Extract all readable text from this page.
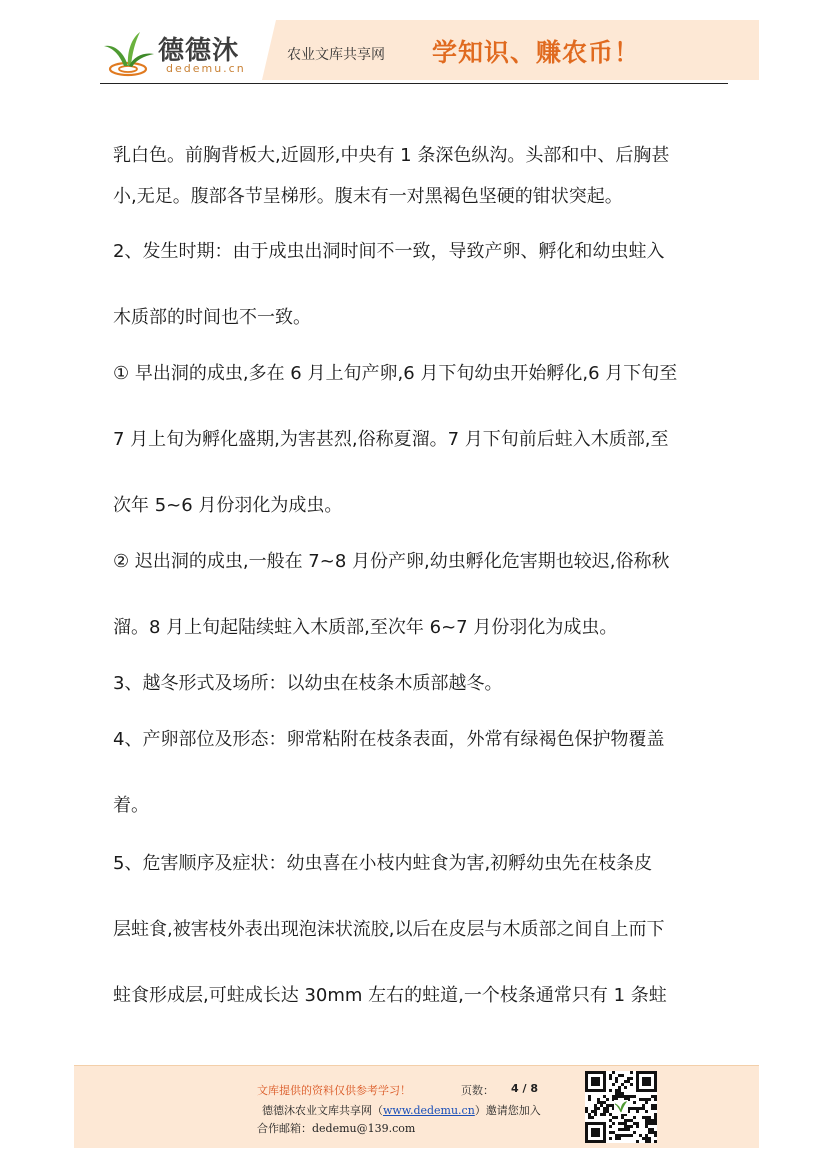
德德沐
dedemu.cn
农业文库共享网 学知识、赚农币！
乳白色。前胸背板大,近圆形,中央有 1 条深色纵沟。头部和中、后胸甚
小,无足。腹部各节呈梯形。腹末有一对黑褐色坚硬的钳状突起。
2、发生时期：由于成虫出洞时间不一致，导致产卵、孵化和幼虫蛀入
木质部的时间也不一致。
① 早出洞的成虫,多在 6 月上旬产卵,6 月下旬幼虫开始孵化,6 月下旬至
7 月上旬为孵化盛期,为害甚烈,俗称夏溜。7 月下旬前后蛀入木质部,至
次年 5~6 月份羽化为成虫。
② 迟出洞的成虫,一般在 7~8 月份产卵,幼虫孵化危害期也较迟,俗称秋
溜。8 月上旬起陆续蛀入木质部,至次年 6~7 月份羽化为成虫。
3、越冬形式及场所：以幼虫在枝条木质部越冬。
4、产卵部位及形态：卵常粘附在枝条表面，外常有绿褐色保护物覆盖
着。
5、危害顺序及症状：幼虫喜在小枝内蛀食为害,初孵幼虫先在枝条皮
层蛀食,被害枝外表出现泡沫状流胶,以后在皮层与木质部之间自上而下
蛀食形成层,可蛀成长达 30mm 左右的蛀道,一个枝条通常只有 1 条蛀
文库提供的资料仅供参考学习！	页数： 4 / 8
德德沐农业文库共享网（www.dedemu.cn）邀请您加入
合作邮箱：dedemu@139.com
